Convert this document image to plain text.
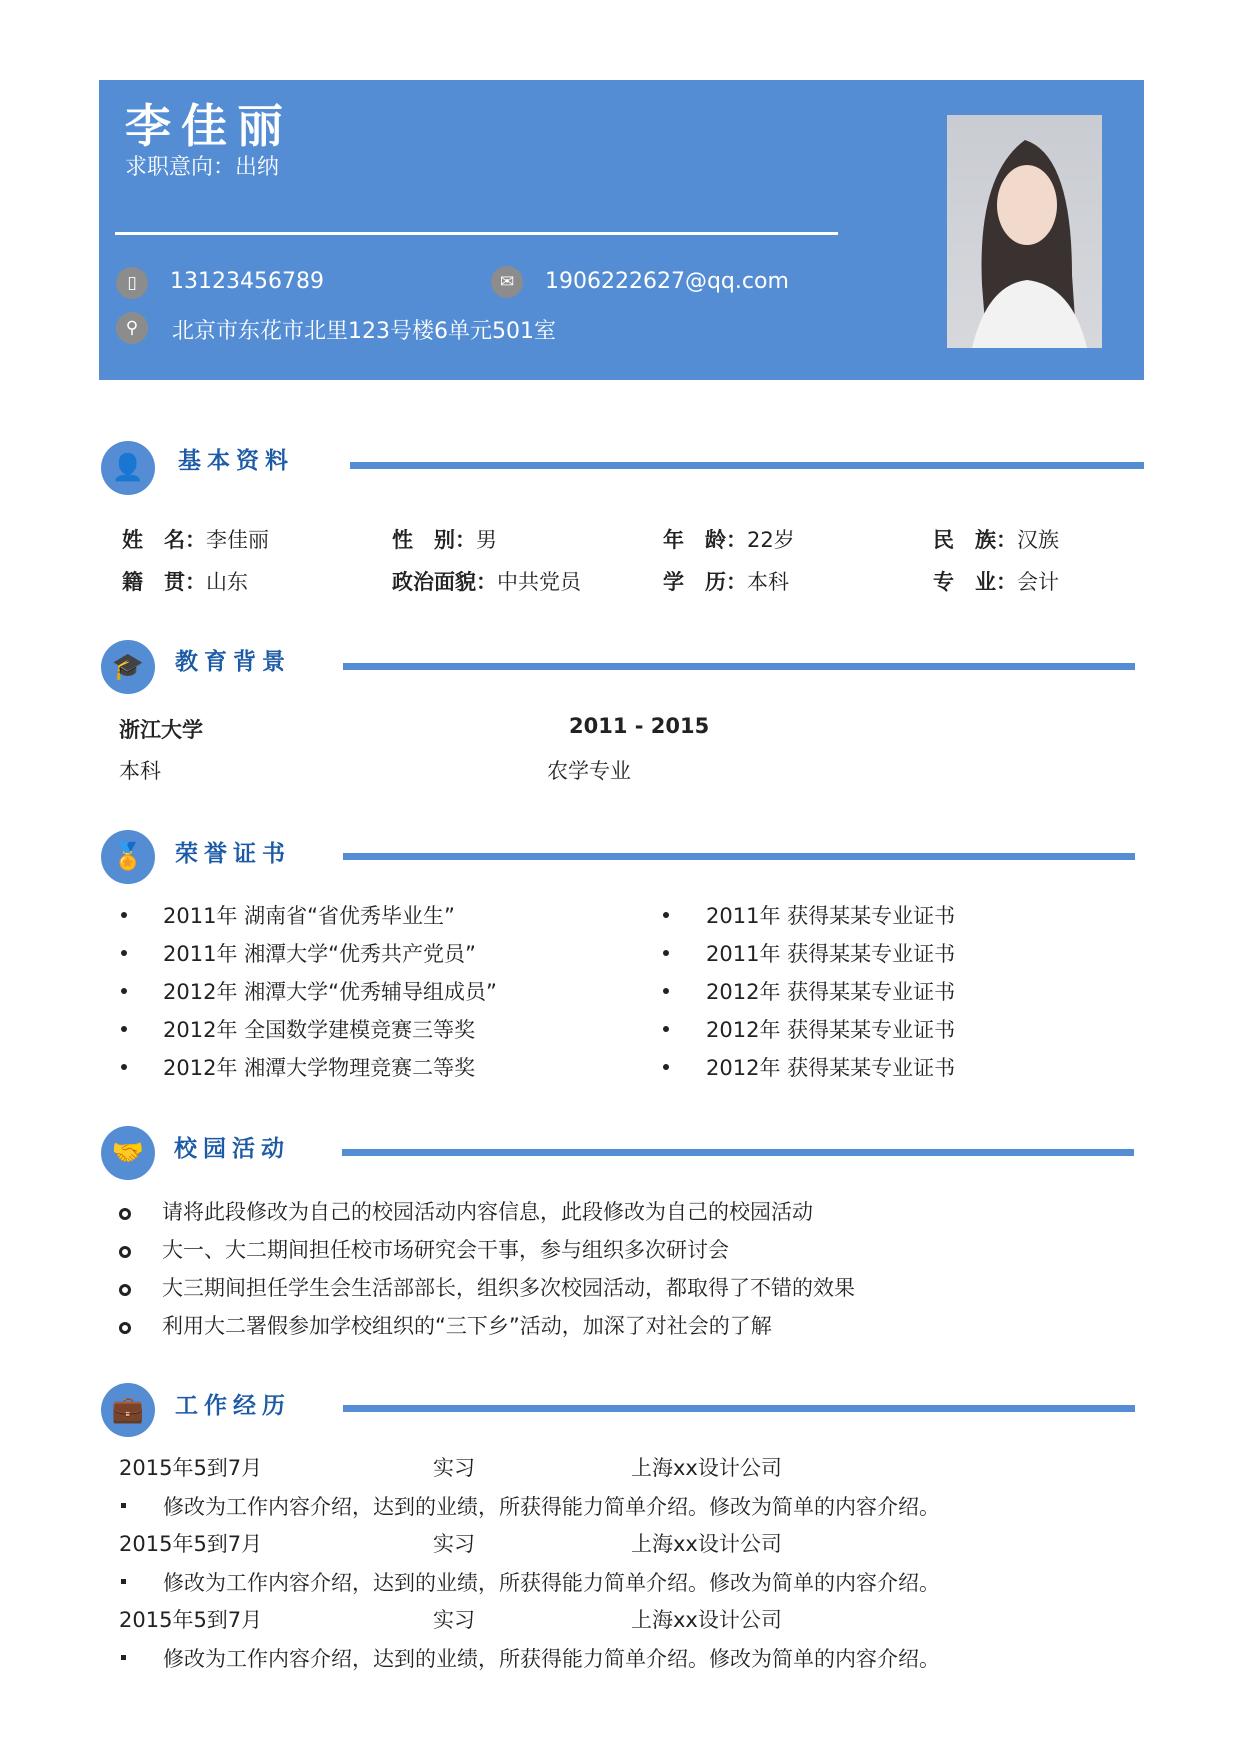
李佳丽
求职意向：出纳
▯	13123456789	✉	1906222627@qq.com
⚲	北京市东花市北里123号楼6单元501室
👤	基本资料
姓　名：李佳丽	性　别：男	年　龄：22岁	民　族：汉族
籍　贯：山东	政治面貌：中共党员	学　历：本科	专　业：会计
🎓	教育背景
浙江大学	2011 - 2015
本科	农学专业
🏅	荣誉证书
2011年 湖南省“省优秀毕业生”
2011年 湘潭大学“优秀共产党员”
2012年 湘潭大学“优秀辅导组成员”
2012年 全国数学建模竞赛三等奖
2012年 湘潭大学物理竞赛二等奖
2011年 获得某某专业证书
2011年 获得某某专业证书
2012年 获得某某专业证书
2012年 获得某某专业证书
2012年 获得某某专业证书
🤝	校园活动
请将此段修改为自己的校园活动内容信息，此段修改为自己的校园活动
大一、大二期间担任校市场研究会干事，参与组织多次研讨会
大三期间担任学生会生活部部长，组织多次校园活动，都取得了不错的效果
利用大二署假参加学校组织的“三下乡”活动，加深了对社会的了解
💼	工作经历
2015年5到7月	实习	上海xx设计公司
修改为工作内容介绍，达到的业绩，所获得能力简单介绍。修改为简单的内容介绍。
2015年5到7月	实习	上海xx设计公司
修改为工作内容介绍，达到的业绩，所获得能力简单介绍。修改为简单的内容介绍。
2015年5到7月	实习	上海xx设计公司
修改为工作内容介绍，达到的业绩，所获得能力简单介绍。修改为简单的内容介绍。
